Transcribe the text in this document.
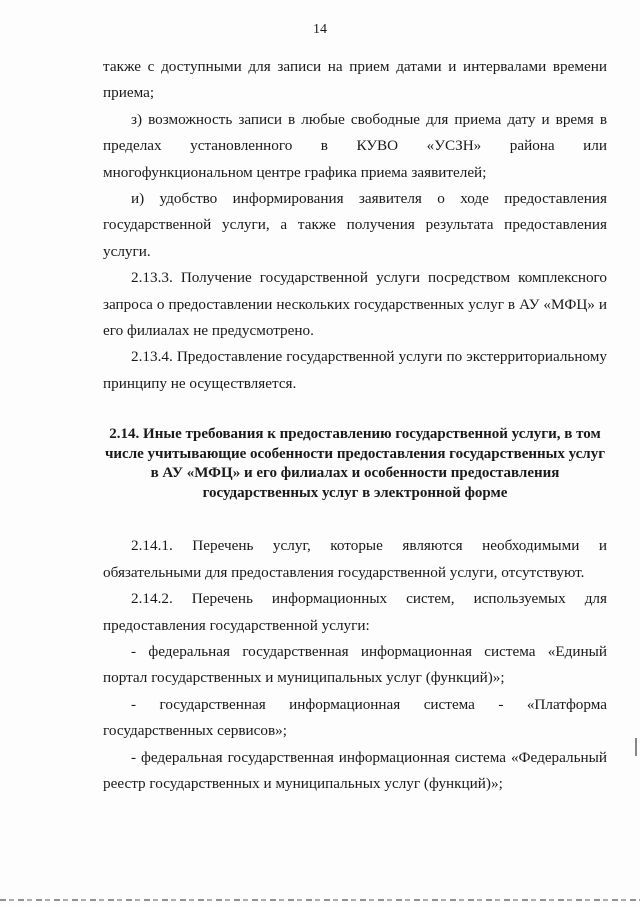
14

также с доступными для записи на прием датами и интервалами времени приема;

з) возможность записи в любые свободные для приема дату и время в пределах установленного в КУВО «УСЗН» района или многофункциональном центре графика приема заявителей;

и) удобство информирования заявителя о ходе предоставления государственной услуги, а также получения результата предоставления услуги.

2.13.3. Получение государственной услуги посредством комплексного запроса о предоставлении нескольких государственных услуг в АУ «МФЦ» и его филиалах не предусмотрено.

2.13.4. Предоставление государственной услуги по экстерриториальному принципу не осуществляется.

2.14. Иные требования к предоставлению государственной услуги, в том числе учитывающие особенности предоставления государственных услуг в АУ «МФЦ» и его филиалах и особенности предоставления государственных услуг в электронной форме

2.14.1. Перечень услуг, которые являются необходимыми и обязательными для предоставления государственной услуги, отсутствуют.

2.14.2. Перечень информационных систем, используемых для предоставления государственной услуги:

- федеральная государственная информационная система «Единый портал государственных и муниципальных услуг (функций)»;

- государственная информационная система - «Платформа государственных сервисов»;

- федеральная государственная информационная система «Федеральный реестр государственных и муниципальных услуг (функций)»;
